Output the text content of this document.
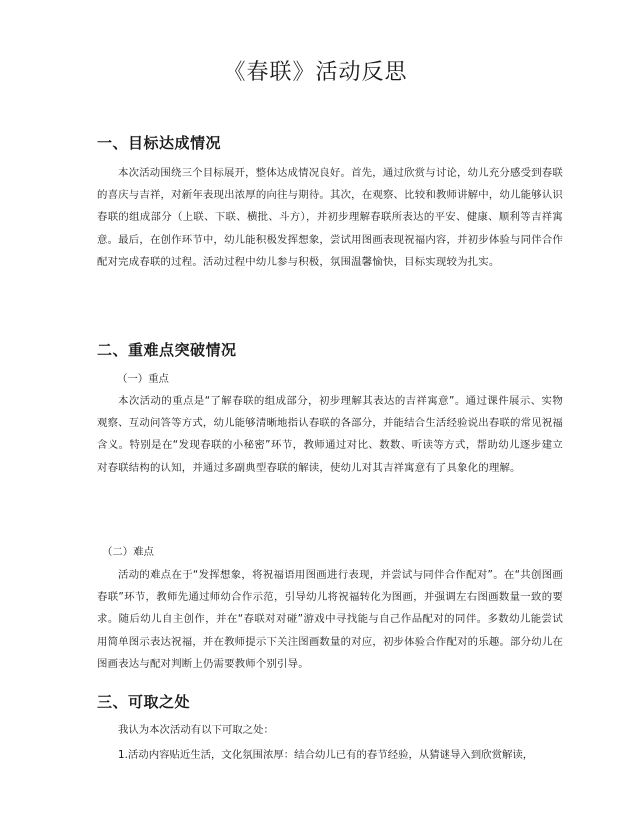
《春联》活动反思
一、目标达成情况

本次活动围绕三个目标展开，整体达成情况良好。首先，通过欣赏与讨论，幼儿充分感受到春联的喜庆与吉祥，对新年表现出浓厚的向往与期待。其次，在观察、比较和教师讲解中，幼儿能够认识春联的组成部分（上联、下联、横批、斗方），并初步理解春联所表达的平安、健康、顺利等吉祥寓意。最后，在创作环节中，幼儿能积极发挥想象，尝试用图画表现祝福内容，并初步体验与同伴合作配对完成春联的过程。活动过程中幼儿参与积极，氛围温馨愉快，目标实现较为扎实。

二、重难点突破情况
（一）重点

本次活动的重点是“了解春联的组成部分，初步理解其表达的吉祥寓意”。通过课件展示、实物观察、互动问答等方式，幼儿能够清晰地指认春联的各部分，并能结合生活经验说出春联的常见祝福含义。特别是在“发现春联的小秘密”环节，教师通过对比、数数、听读等方式，帮助幼儿逐步建立对春联结构的认知，并通过多副典型春联的解读，使幼儿对其吉祥寓意有了具象化的理解。

（二）难点

活动的难点在于“发挥想象，将祝福语用图画进行表现，并尝试与同伴合作配对”。在“共创图画春联”环节，教师先通过师幼合作示范，引导幼儿将祝福转化为图画，并强调左右图画数量一致的要求。随后幼儿自主创作，并在“春联对对碰”游戏中寻找能与自己作品配对的同伴。多数幼儿能尝试用简单图示表达祝福，并在教师提示下关注图画数量的对应，初步体验合作配对的乐趣。部分幼儿在图画表达与配对判断上仍需要教师个别引导。

三、可取之处
我认为本次活动有以下可取之处：
1.活动内容贴近生活，文化氛围浓厚：结合幼儿已有的春节经验，从猜谜导入到欣赏解读，
